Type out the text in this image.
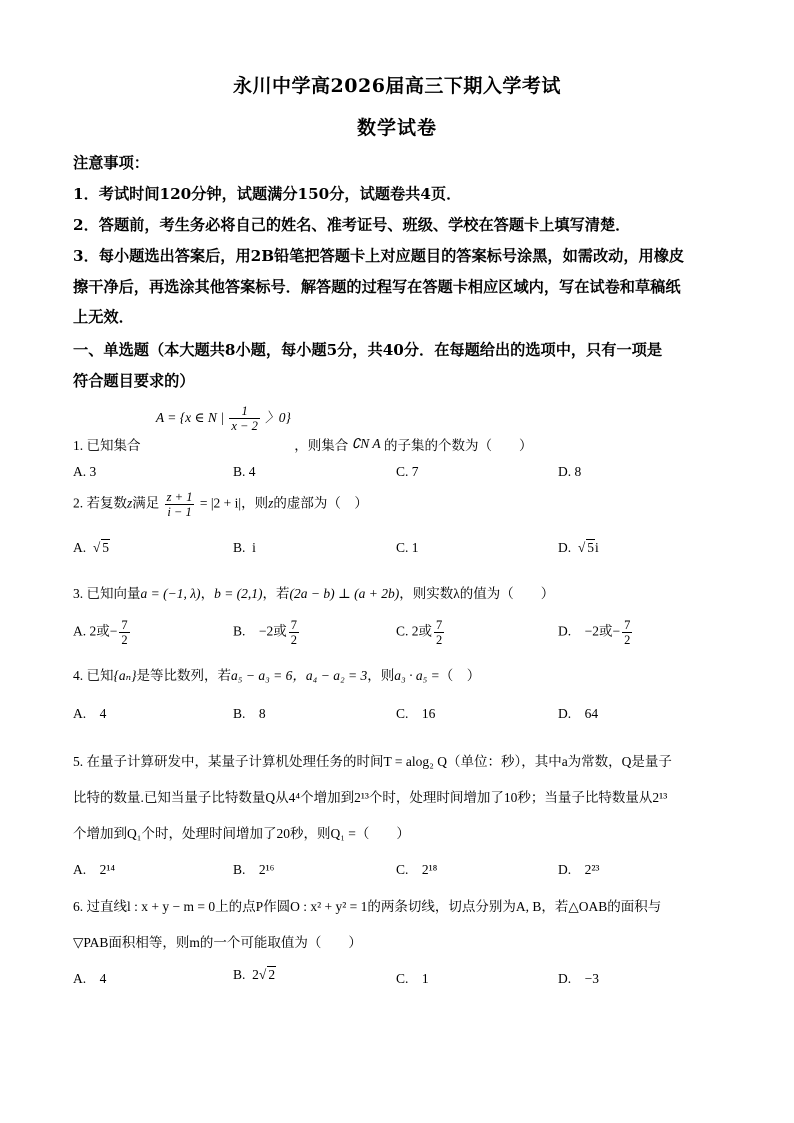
永川中学高2026届高三下期入学考试
数学试卷
注意事项：
1．考试时间120分钟，试题满分150分，试题卷共4页．
2．答题前，考生务必将自己的姓名、准考证号、班级、学校在答题卡上填写清楚．
3．每小题选出答案后，用2B铅笔把答题卡上对应题目的答案标号涂黑，如需改动，用橡皮
擦干净后，再选涂其他答案标号．解答题的过程写在答题卡相应区域内，写在试卷和草稿纸
上无效．
一、单选题（本大题共8小题，每小题5分，共40分．在每题给出的选项中，只有一项是
符合题目要求的）
1. 已知集合 A = {x ∈ N | $\frac{1}{x - 2}$ 〉0} ，则集合 ∁N A 的子集的个数为（　　）
A. 3	B. 4	C. 7	D. 8
2. 若复数z满足 $\frac{z + 1}{i - 1} = |2 + i|$，则z的虚部为（　）
A.  √ 5	B. i	C. 1	D.  √ 5i
3. 已知向量a = (−1, λ)，b = (2,1)，若(2a − b) ⊥ (a + 2b)，则实数λ的值为（　　）
A. 2或− $\frac{7}{2}$	B.　−2或 $\frac{7}{2}$	C. 2或 $\frac{7}{2}$	D.　−2或− $\frac{7}{2}$
4. 已知{aₙ}是等比数列，若a₅ − a₃ = 6，a₄ − a₂ = 3，则a₃ · a₅ =（　）
A.　4	B.　8	C.　16	D.　64
5. 在量子计算研发中，某量子计算机处理任务的时间T = alog₂ Q（单位：秒），其中a为常数，Q是量子
比特的数量.已知当量子比特数量Q从4⁴个增加到2¹³个时，处理时间增加了10秒；当量子比特数量从2¹³
个增加到Q₁个时，处理时间增加了20秒，则Q₁ =（　　）
A.　2¹⁴	B.　2¹⁶	C.　2¹⁸	D.　2²³
6. 过直线l : x + y − m = 0上的点P作圆O : x² + y² = 1的两条切线，切点分别为A, B，若△OAB的面积与
▽PAB面积相等，则m的一个可能取值为（　　）
A.　4	B. 2√ 2	C.　1	D.　−3
